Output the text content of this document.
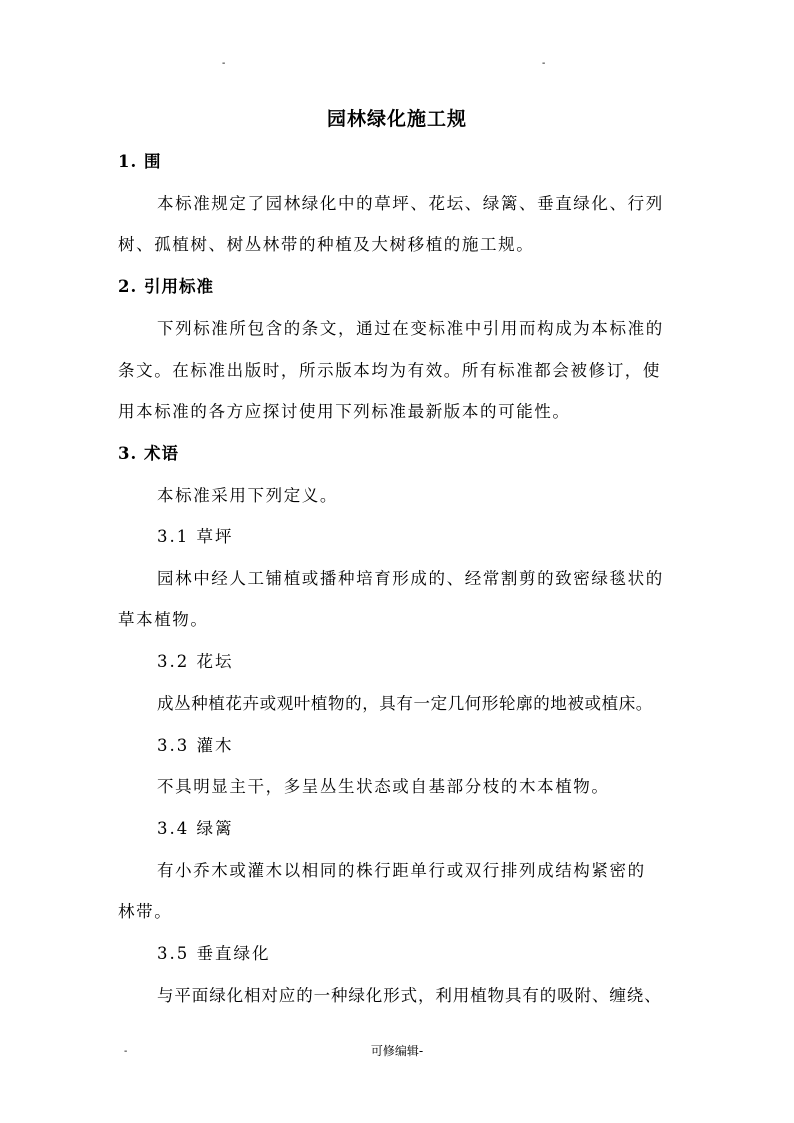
-	-
园林绿化施工规
1. 围
本标准规定了园林绿化中的草坪、花坛、绿篱、垂直绿化、行列
树、孤植树、树丛林带的种植及大树移植的施工规。
2. 引用标准
下列标准所包含的条文，通过在变标准中引用而构成为本标准的
条文。在标准出版时，所示版本均为有效。所有标准都会被修订，使
用本标准的各方应探讨使用下列标准最新版本的可能性。
3. 术语
本标准采用下列定义。
3.1 草坪
园林中经人工铺植或播种培育形成的、经常割剪的致密绿毯状的
草本植物。
3.2 花坛
成丛种植花卉或观叶植物的，具有一定几何形轮廓的地被或植床。
3.3 灌木
不具明显主干，多呈丛生状态或自基部分枝的木本植物。
3.4 绿篱
有小乔木或灌木以相同的株行距单行或双行排列成结构紧密的
林带。
3.5 垂直绿化
与平面绿化相对应的一种绿化形式，利用植物具有的吸附、缠绕、
-	可修编辑-
